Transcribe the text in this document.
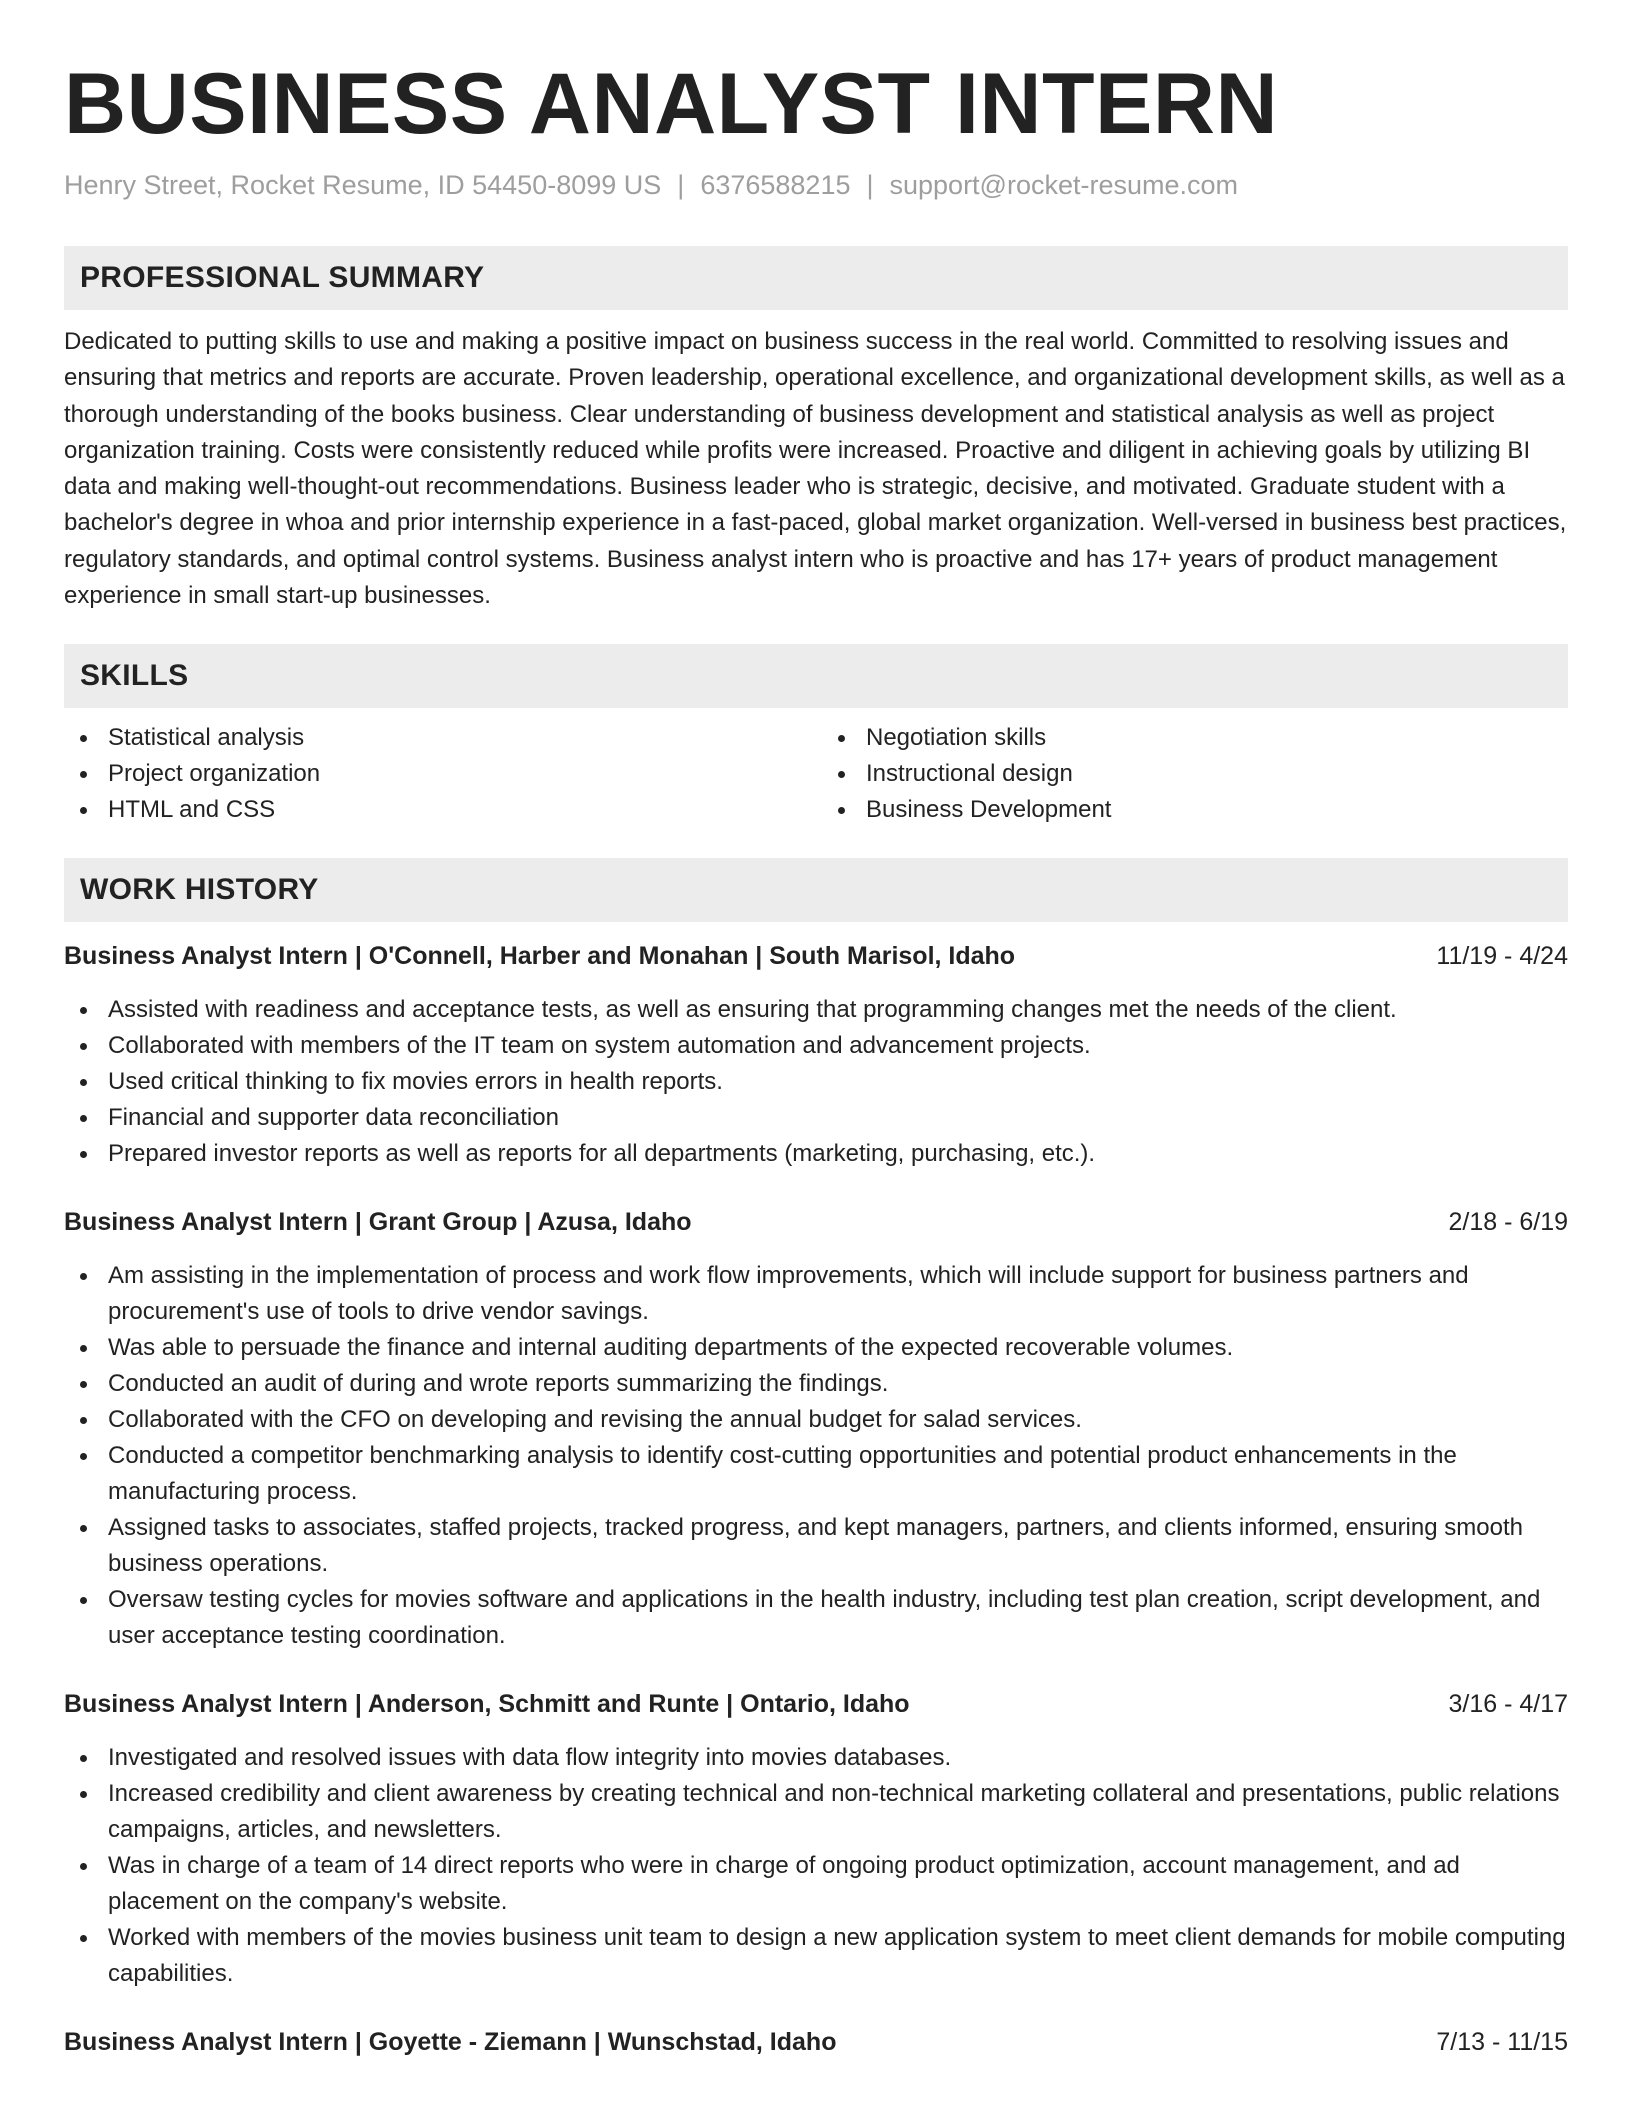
BUSINESS ANALYST INTERN
Henry Street, Rocket Resume, ID 54450-8099 US | 6376588215 | support@rocket-resume.com
PROFESSIONAL SUMMARY

Dedicated to putting skills to use and making a positive impact on business success in the real world. Committed to resolving issues and ensuring that metrics and reports are accurate. Proven leadership, operational excellence, and organizational development skills, as well as a thorough understanding of the books business. Clear understanding of business development and statistical analysis as well as project organization training. Costs were consistently reduced while profits were increased. Proactive and diligent in achieving goals by utilizing BI data and making well-thought-out recommendations. Business leader who is strategic, decisive, and motivated. Graduate student with a bachelor's degree in whoa and prior internship experience in a fast-paced, global market organization. Well-versed in business best practices, regulatory standards, and optimal control systems. Business analyst intern who is proactive and has 17+ years of product management experience in small start-up businesses.

SKILLS
Statistical analysis
Project organization
HTML and CSS
Negotiation skills
Instructional design
Business Development
WORK HISTORY
Business Analyst Intern | O'Connell, Harber and Monahan | South Marisol, Idaho	11/19 - 4/24
Assisted with readiness and acceptance tests, as well as ensuring that programming changes met the needs of the client.
Collaborated with members of the IT team on system automation and advancement projects.
Used critical thinking to fix movies errors in health reports.
Financial and supporter data reconciliation
Prepared investor reports as well as reports for all departments (marketing, purchasing, etc.).
Business Analyst Intern | Grant Group | Azusa, Idaho	2/18 - 6/19
Am assisting in the implementation of process and work flow improvements, which will include support for business partners and procurement's use of tools to drive vendor savings.
Was able to persuade the finance and internal auditing departments of the expected recoverable volumes.
Conducted an audit of during and wrote reports summarizing the findings.
Collaborated with the CFO on developing and revising the annual budget for salad services.
Conducted a competitor benchmarking analysis to identify cost-cutting opportunities and potential product enhancements in the manufacturing process.
Assigned tasks to associates, staffed projects, tracked progress, and kept managers, partners, and clients informed, ensuring smooth business operations.
Oversaw testing cycles for movies software and applications in the health industry, including test plan creation, script development, and user acceptance testing coordination.
Business Analyst Intern | Anderson, Schmitt and Runte | Ontario, Idaho	3/16 - 4/17
Investigated and resolved issues with data flow integrity into movies databases.
Increased credibility and client awareness by creating technical and non-technical marketing collateral and presentations, public relations campaigns, articles, and newsletters.
Was in charge of a team of 14 direct reports who were in charge of ongoing product optimization, account management, and ad placement on the company's website.
Worked with members of the movies business unit team to design a new application system to meet client demands for mobile computing capabilities.
Business Analyst Intern | Goyette - Ziemann | Wunschstad, Idaho	7/13 - 11/15
